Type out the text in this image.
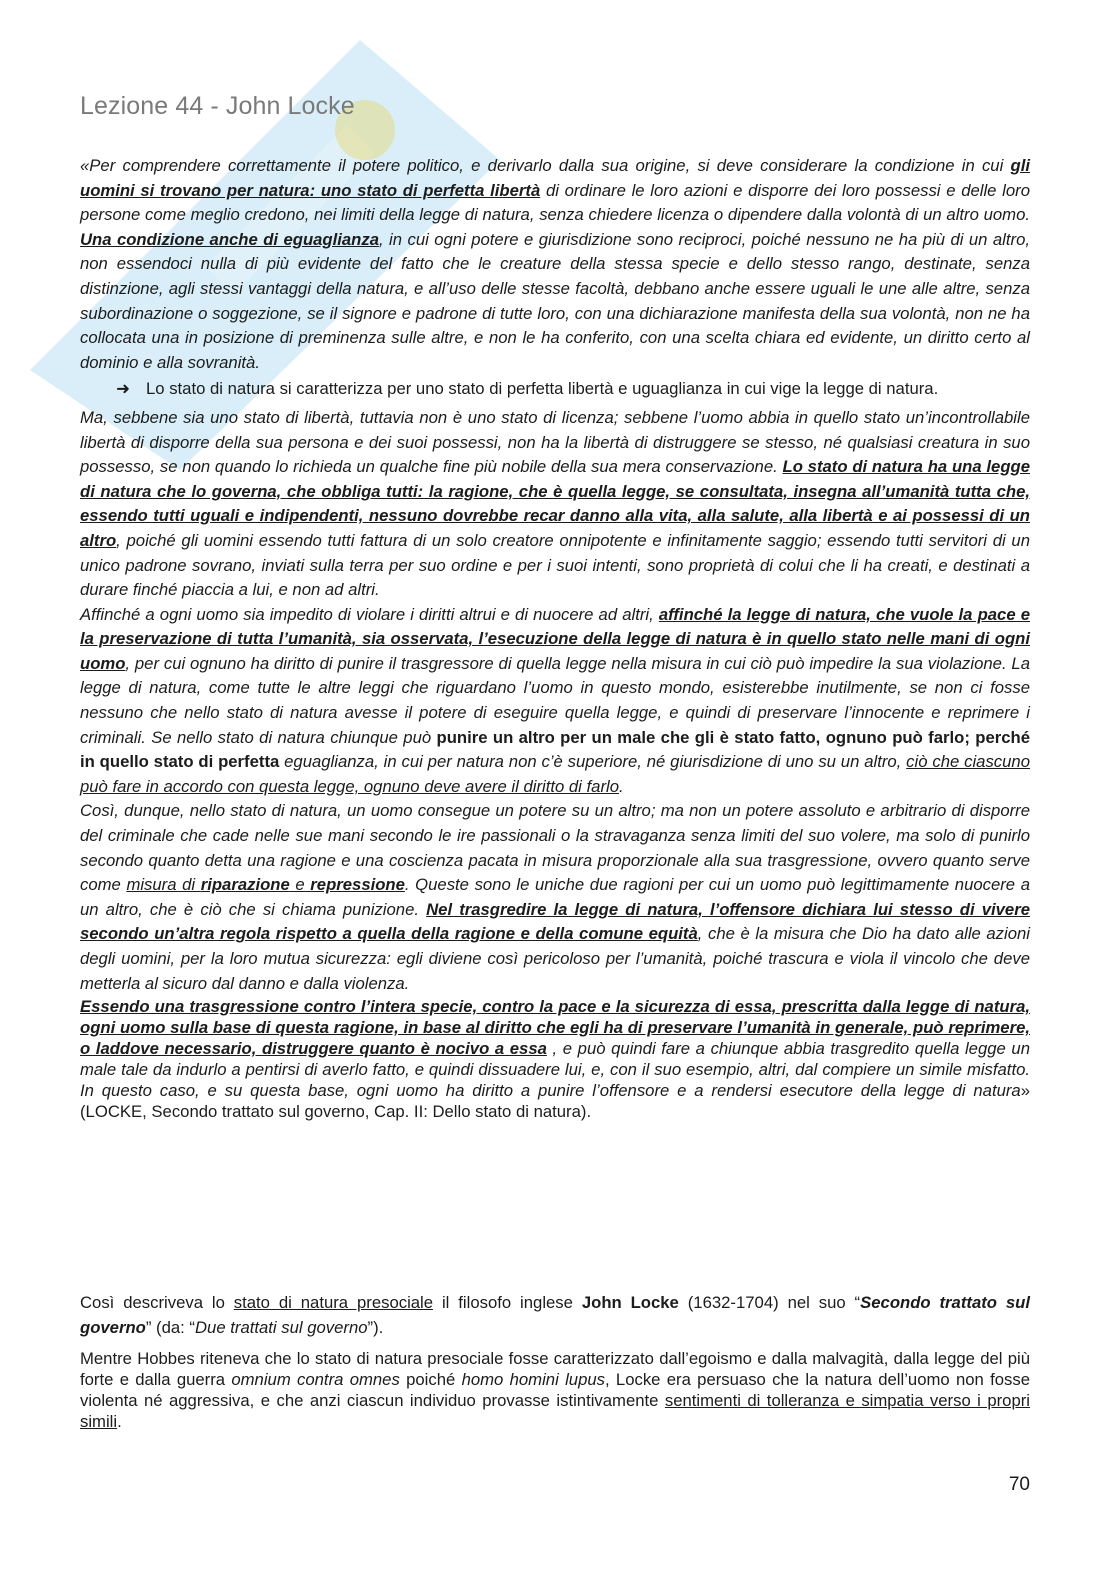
Lezione 44 - John Locke

«Per comprendere correttamente il potere politico, e derivarlo dalla sua origine, si deve considerare la condizione in cui gli uomini si trovano per natura: uno stato di perfetta libertà di ordinare le loro azioni e disporre dei loro possessi e delle loro persone come meglio credono, nei limiti della legge di natura, senza chiedere licenza o dipendere dalla volontà di un altro uomo. Una condizione anche di eguaglianza, in cui ogni potere e giurisdizione sono reciproci, poiché nessuno ne ha più di un altro, non essendoci nulla di più evidente del fatto che le creature della stessa specie e dello stesso rango, destinate, senza distinzione, agli stessi vantaggi della natura, e all’uso delle stesse facoltà, debbano anche essere uguali le une alle altre, senza subordinazione o soggezione, se il signore e padrone di tutte loro, con una dichiarazione manifesta della sua volontà, non ne ha collocata una in posizione di preminenza sulle altre, e non le ha conferito, con una scelta chiara ed evidente, un diritto certo al dominio e alla sovranità.

➜ Lo stato di natura si caratterizza per uno stato di perfetta libertà e uguaglianza in cui vige la legge di natura.

Ma, sebbene sia uno stato di libertà, tuttavia non è uno stato di licenza; sebbene l’uomo abbia in quello stato un’incontrollabile libertà di disporre della sua persona e dei suoi possessi, non ha la libertà di distruggere se stesso, né qualsiasi creatura in suo possesso, se non quando lo richieda un qualche fine più nobile della sua mera conservazione. Lo stato di natura ha una legge di natura che lo governa, che obbliga tutti: la ragione, che è quella legge, se consultata, insegna all’umanità tutta che, essendo tutti uguali e indipendenti, nessuno dovrebbe recar danno alla vita, alla salute, alla libertà e ai possessi di un altro, poiché gli uomini essendo tutti fattura di un solo creatore onnipotente e infinitamente saggio; essendo tutti servitori di un unico padrone sovrano, inviati sulla terra per suo ordine e per i suoi intenti, sono proprietà di colui che li ha creati, e destinati a durare finché piaccia a lui, e non ad altri.

Affinché a ogni uomo sia impedito di violare i diritti altrui e di nuocere ad altri, affinché la legge di natura, che vuole la pace e la preservazione di tutta l’umanità, sia osservata, l’esecuzione della legge di natura è in quello stato nelle mani di ogni uomo, per cui ognuno ha diritto di punire il trasgressore di quella legge nella misura in cui ciò può impedire la sua violazione. La legge di natura, come tutte le altre leggi che riguardano l’uomo in questo mondo, esisterebbe inutilmente, se non ci fosse nessuno che nello stato di natura avesse il potere di eseguire quella legge, e quindi di preservare l’innocente e reprimere i criminali. Se nello stato di natura chiunque può punire un altro per un male che gli è stato fatto, ognuno può farlo; perché in quello stato di perfetta eguaglianza, in cui per natura non c’è superiore, né giurisdizione di uno su un altro, ciò che ciascuno può fare in accordo con questa legge, ognuno deve avere il diritto di farlo.

Così, dunque, nello stato di natura, un uomo consegue un potere su un altro; ma non un potere assoluto e arbitrario di disporre del criminale che cade nelle sue mani secondo le ire passionali o la stravaganza senza limiti del suo volere, ma solo di punirlo secondo quanto detta una ragione e una coscienza pacata in misura proporzionale alla sua trasgressione, ovvero quanto serve come misura di riparazione e repressione. Queste sono le uniche due ragioni per cui un uomo può legittimamente nuocere a un altro, che è ciò che si chiama punizione. Nel trasgredire la legge di natura, l’offensore dichiara lui stesso di vivere secondo un’altra regola rispetto a quella della ragione e della comune equità, che è la misura che Dio ha dato alle azioni degli uomini, per la loro mutua sicurezza: egli diviene così pericoloso per l’umanità, poiché trascura e viola il vincolo che deve metterla al sicuro dal danno e dalla violenza.

Essendo una trasgressione contro l’intera specie, contro la pace e la sicurezza di essa, prescritta dalla legge di natura, ogni uomo sulla base di questa ragione, in base al diritto che egli ha di preservare l’umanità in generale, può reprimere, o laddove necessario, distruggere quanto è nocivo a essa , e può quindi fare a chiunque abbia trasgredito quella legge un male tale da indurlo a pentirsi di averlo fatto, e quindi dissuadere lui, e, con il suo esempio, altri, dal compiere un simile misfatto. In questo caso, e su questa base, ogni uomo ha diritto a punire l’offensore e a rendersi esecutore della legge di natura» (LOCKE, Secondo trattato sul governo, Cap. II: Dello stato di natura).

Così descriveva lo stato di natura presociale il filosofo inglese John Locke (1632-1704) nel suo “Secondo trattato sul governo” (da: “Due trattati sul governo”).

Mentre Hobbes riteneva che lo stato di natura presociale fosse caratterizzato dall’egoismo e dalla malvagità, dalla legge del più forte e dalla guerra omnium contra omnes poiché homo homini lupus, Locke era persuaso che la natura dell’uomo non fosse violenta né aggressiva, e che anzi ciascun individuo provasse istintivamente sentimenti di tolleranza e simpatia verso i propri simili.

70
